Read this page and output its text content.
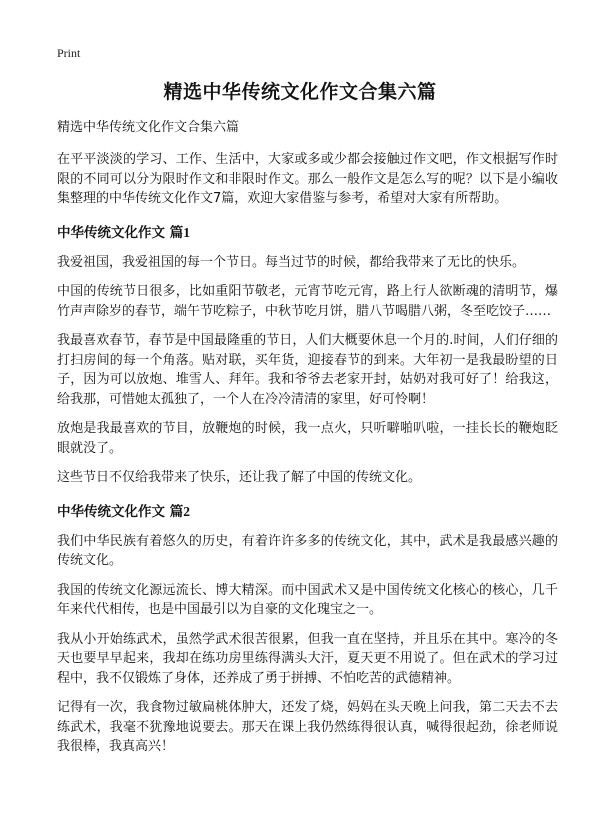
Print
精选中华传统文化作文合集六篇
精选中华传统文化作文合集六篇

在平平淡淡的学习、工作、生活中，大家或多或少都会接触过作文吧，作文根据写作时限的不同可以分为限时作文和非限时作文。那么一般作文是怎么写的呢？以下是小编收集整理的中华传统文化作文7篇，欢迎大家借鉴与参考，希望对大家有所帮助。

中华传统文化作文 篇1

我爱祖国，我爱祖国的每一个节日。每当过节的时候，都给我带来了无比的快乐。

中国的传统节日很多，比如重阳节敬老，元宵节吃元宵，路上行人欲断魂的清明节，爆竹声声除岁的春节，端午节吃粽子，中秋节吃月饼，腊八节喝腊八粥，冬至吃饺子……

我最喜欢春节，春节是中国最隆重的节日，人们大概要休息一个月的.时间，人们仔细的打扫房间的每一个角落。贴对联，买年货，迎接春节的到来。大年初一是我最盼望的日子，因为可以放炮、堆雪人、拜年。我和爷爷去老家开封，姑奶对我可好了！给我这，给我那，可惜她太孤独了，一个人在冷冷清清的家里，好可怜啊！

放炮是我最喜欢的节目，放鞭炮的时候，我一点火，只听噼啪叭啦，一挂长长的鞭炮眨眼就没了。

这些节日不仅给我带来了快乐，还让我了解了中国的传统文化。

中华传统文化作文 篇2

我们中华民族有着悠久的历史，有着许许多多的传统文化，其中，武术是我最感兴趣的传统文化。

我国的传统文化源远流长、博大精深。而中国武术又是中国传统文化核心的核心，几千年来代代相传，也是中国最引以为自豪的文化瑰宝之一。

我从小开始练武术，虽然学武术很苦很累，但我一直在坚持，并且乐在其中。寒冷的冬天也要早早起来，我却在练功房里练得满头大汗，夏天更不用说了。但在武术的学习过程中，我不仅锻炼了身体，还养成了勇于拼搏、不怕吃苦的武德精神。

记得有一次，我食物过敏扁桃体肿大，还发了烧，妈妈在头天晚上问我，第二天去不去练武术，我毫不犹豫地说要去。那天在课上我仍然练得很认真，喊得很起劲，徐老师说我很棒，我真高兴！
